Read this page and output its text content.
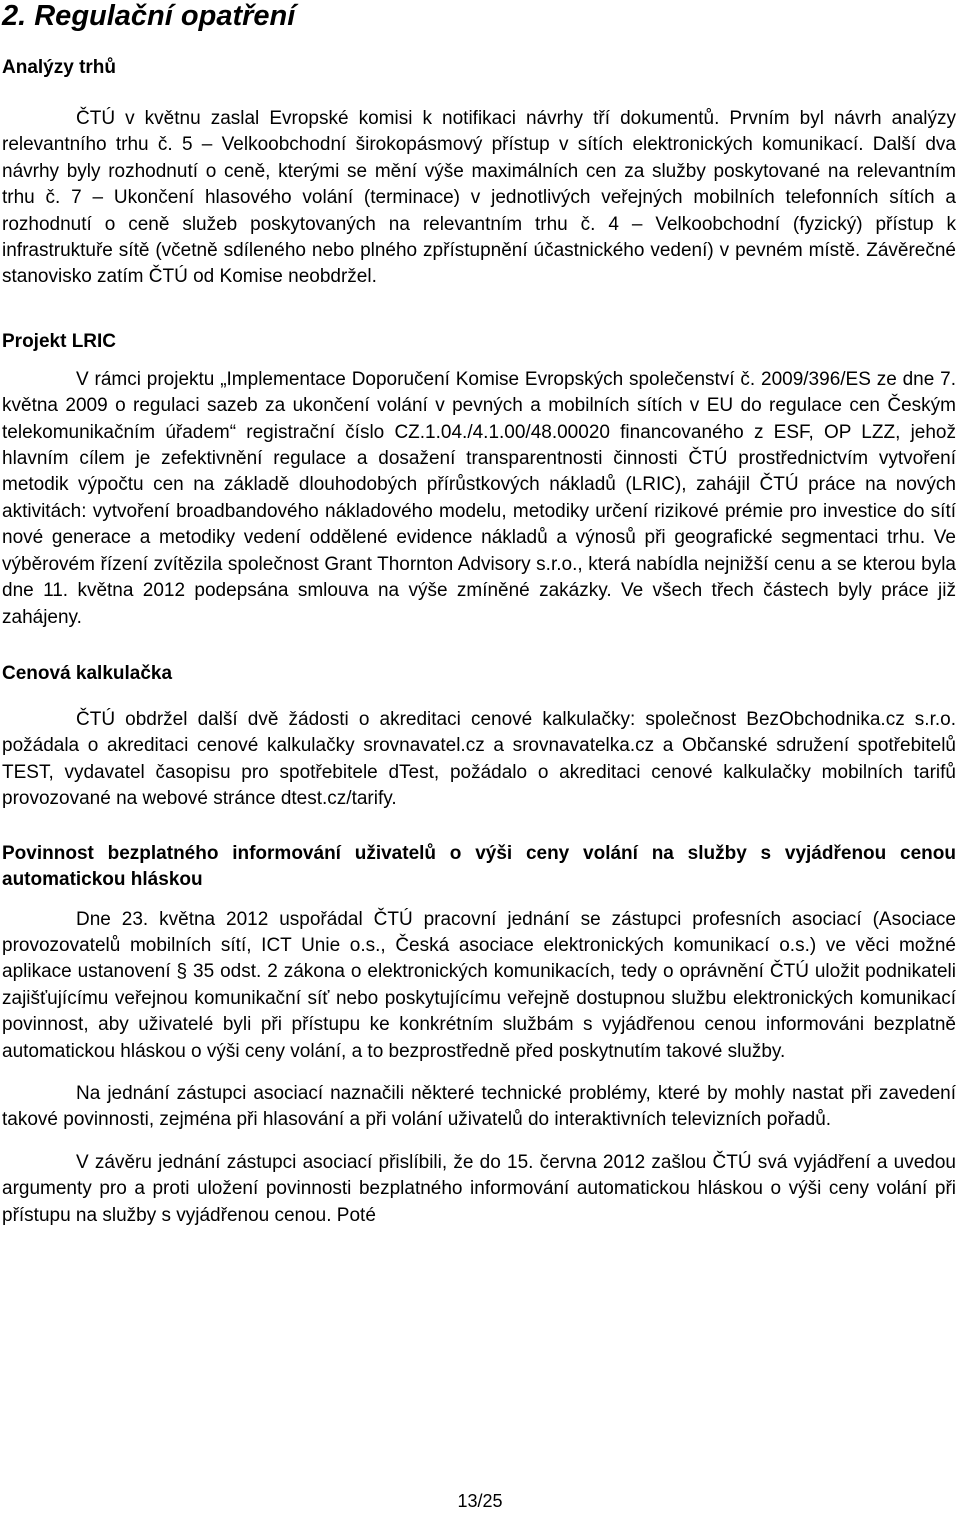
2. Regulační opatření
Analýzy trhů

ČTÚ v květnu zaslal Evropské komisi k notifikaci návrhy tří dokumentů. Prvním byl návrh analýzy relevantního trhu č. 5 – Velkoobchodní širokopásmový přístup v sítích elektronických komunikací. Další dva návrhy byly rozhodnutí o ceně, kterými se mění výše maximálních cen za služby poskytované na relevantním trhu č. 7 – Ukončení hlasového volání (terminace) v jednotlivých veřejných mobilních telefonních sítích a rozhodnutí o ceně služeb poskytovaných na relevantním trhu č. 4 – Velkoobchodní (fyzický) přístup k infrastruktuře sítě (včetně sdíleného nebo plného zpřístupnění účastnického vedení) v pevném místě. Závěrečné stanovisko zatím ČTÚ od Komise neobdržel.

Projekt LRIC

V rámci projektu „Implementace Doporučení Komise Evropských společenství č. 2009/396/ES ze dne 7. května 2009 o regulaci sazeb za ukončení volání v pevných a mobilních sítích v EU do regulace cen Českým telekomunikačním úřadem“ registrační číslo CZ.1.04./4.1.00/48.00020 financovaného z ESF, OP LZZ, jehož hlavním cílem je zefektivnění regulace a dosažení transparentnosti činnosti ČTÚ prostřednictvím vytvoření metodik výpočtu cen na základě dlouhodobých přírůstkových nákladů (LRIC), zahájil ČTÚ práce na nových aktivitách: vytvoření broadbandového nákladového modelu, metodiky určení rizikové prémie pro investice do sítí nové generace a metodiky vedení oddělené evidence nákladů a výnosů při geografické segmentaci trhu. Ve výběrovém řízení zvítězila společnost Grant Thornton Advisory s.r.o., která nabídla nejnižší cenu a se kterou byla dne 11. května 2012 podepsána smlouva na výše zmíněné zakázky. Ve všech třech částech byly práce již zahájeny.

Cenová kalkulačka

ČTÚ obdržel další dvě žádosti o akreditaci cenové kalkulačky: společnost BezObchodnika.cz s.r.o. požádala o akreditaci cenové kalkulačky srovnavatel.cz a srovnavatelka.cz a Občanské sdružení spotřebitelů TEST, vydavatel časopisu pro spotřebitele dTest, požádalo o akreditaci cenové kalkulačky mobilních tarifů provozované na webové stránce dtest.cz/tarify.

Povinnost bezplatného informování uživatelů o výši ceny volání na služby s vyjádřenou cenou automatickou hláskou

Dne 23. května 2012 uspořádal ČTÚ pracovní jednání se zástupci profesních asociací (Asociace provozovatelů mobilních sítí, ICT Unie o.s., Česká asociace elektronických komunikací o.s.) ve věci možné aplikace ustanovení § 35 odst. 2 zákona o elektronických komunikacích, tedy o oprávnění ČTÚ uložit podnikateli zajišťujícímu veřejnou komunikační síť nebo poskytujícímu veřejně dostupnou službu elektronických komunikací povinnost, aby uživatelé byli při přístupu ke konkrétním službám s vyjádřenou cenou informováni bezplatně automatickou hláskou o výši ceny volání, a to bezprostředně před poskytnutím takové služby.

Na jednání zástupci asociací naznačili některé technické problémy, které by mohly nastat při zavedení takové povinnosti, zejména při hlasování a při volání uživatelů do interaktivních televizních pořadů.

V závěru jednání zástupci asociací přislíbili, že do 15. června 2012 zašlou ČTÚ svá vyjádření a uvedou argumenty pro a proti uložení povinnosti bezplatného informování automatickou hláskou o výši ceny volání při přístupu na služby s vyjádřenou cenou. Poté

13/25
